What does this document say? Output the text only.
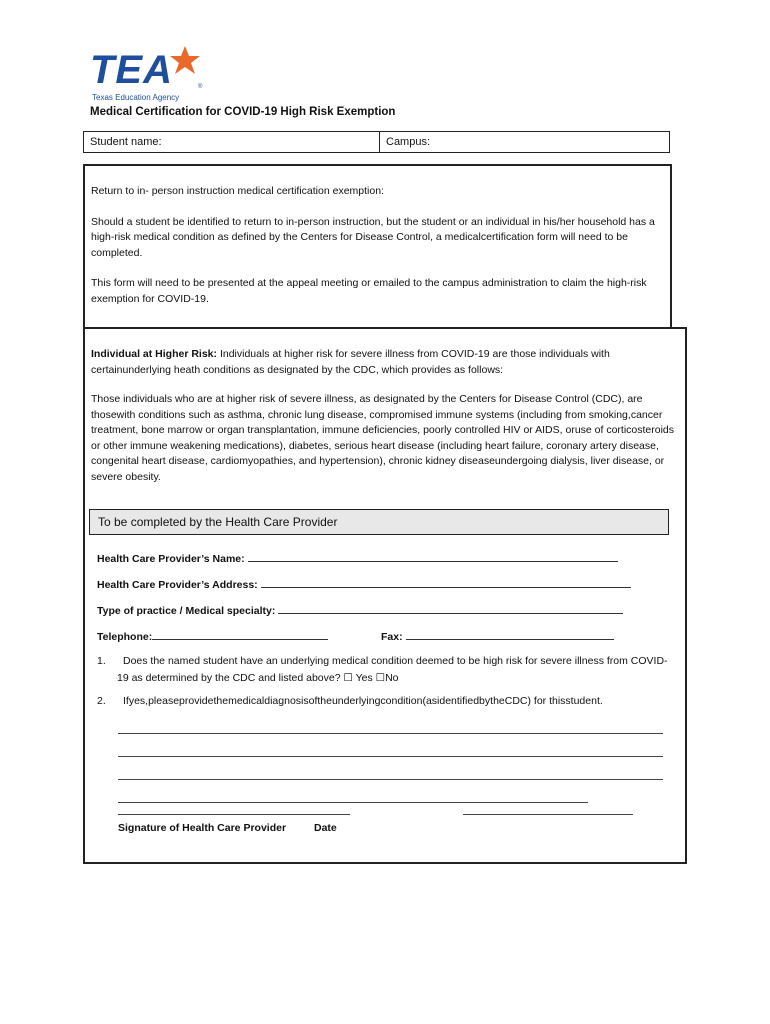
TEA	®
Texas Education Agency
Medical Certification for COVID-19 High Risk Exemption
Student name:	Campus:

Return to in- person instruction medical certification exemption:

Should a student be identified to return to in-person instruction, but the student or an individual in his/her household has a high-risk medical condition as defined by the Centers for Disease Control, a medicalcertification form will need to be completed.

This form will need to be presented at the appeal meeting or emailed to the campus administration to claim the high-risk exemption for COVID-19.

Individual at Higher Risk: Individuals at higher risk for severe illness from COVID-19 are those individuals with certainunderlying heath conditions as designated by the CDC, which provides as follows:

Those individuals who are at higher risk of severe illness, as designated by the Centers for Disease Control (CDC), are thosewith conditions such as asthma, chronic lung disease, compromised immune systems (including from smoking,cancer treatment, bone marrow or organ transplantation, immune deficiencies, poorly controlled HIV or AIDS, oruse of corticosteroids or other immune weakening medications), diabetes, serious heart disease (including heart failure, coronary artery disease, congenital heart disease, cardiomyopathies, and hypertension), chronic kidney diseaseundergoing dialysis, liver disease, or severe obesity.

To be completed by the Health Care Provider
Health Care Provider’s Name:
Health Care Provider’s Address:
Type of practice / Medical specialty:
Telephone:	Fax:
1. Does the named student have an underlying medical condition deemed to be high risk for severe illness from COVID-19 as determined by the CDC and listed above? ☐ Yes ☐No
2. Ifyes,pleaseprovidethemedicaldiagnosisoftheunderlyingcondition(asidentifiedbytheCDC) for thisstudent.
Signature of Health Care Provider	Date
